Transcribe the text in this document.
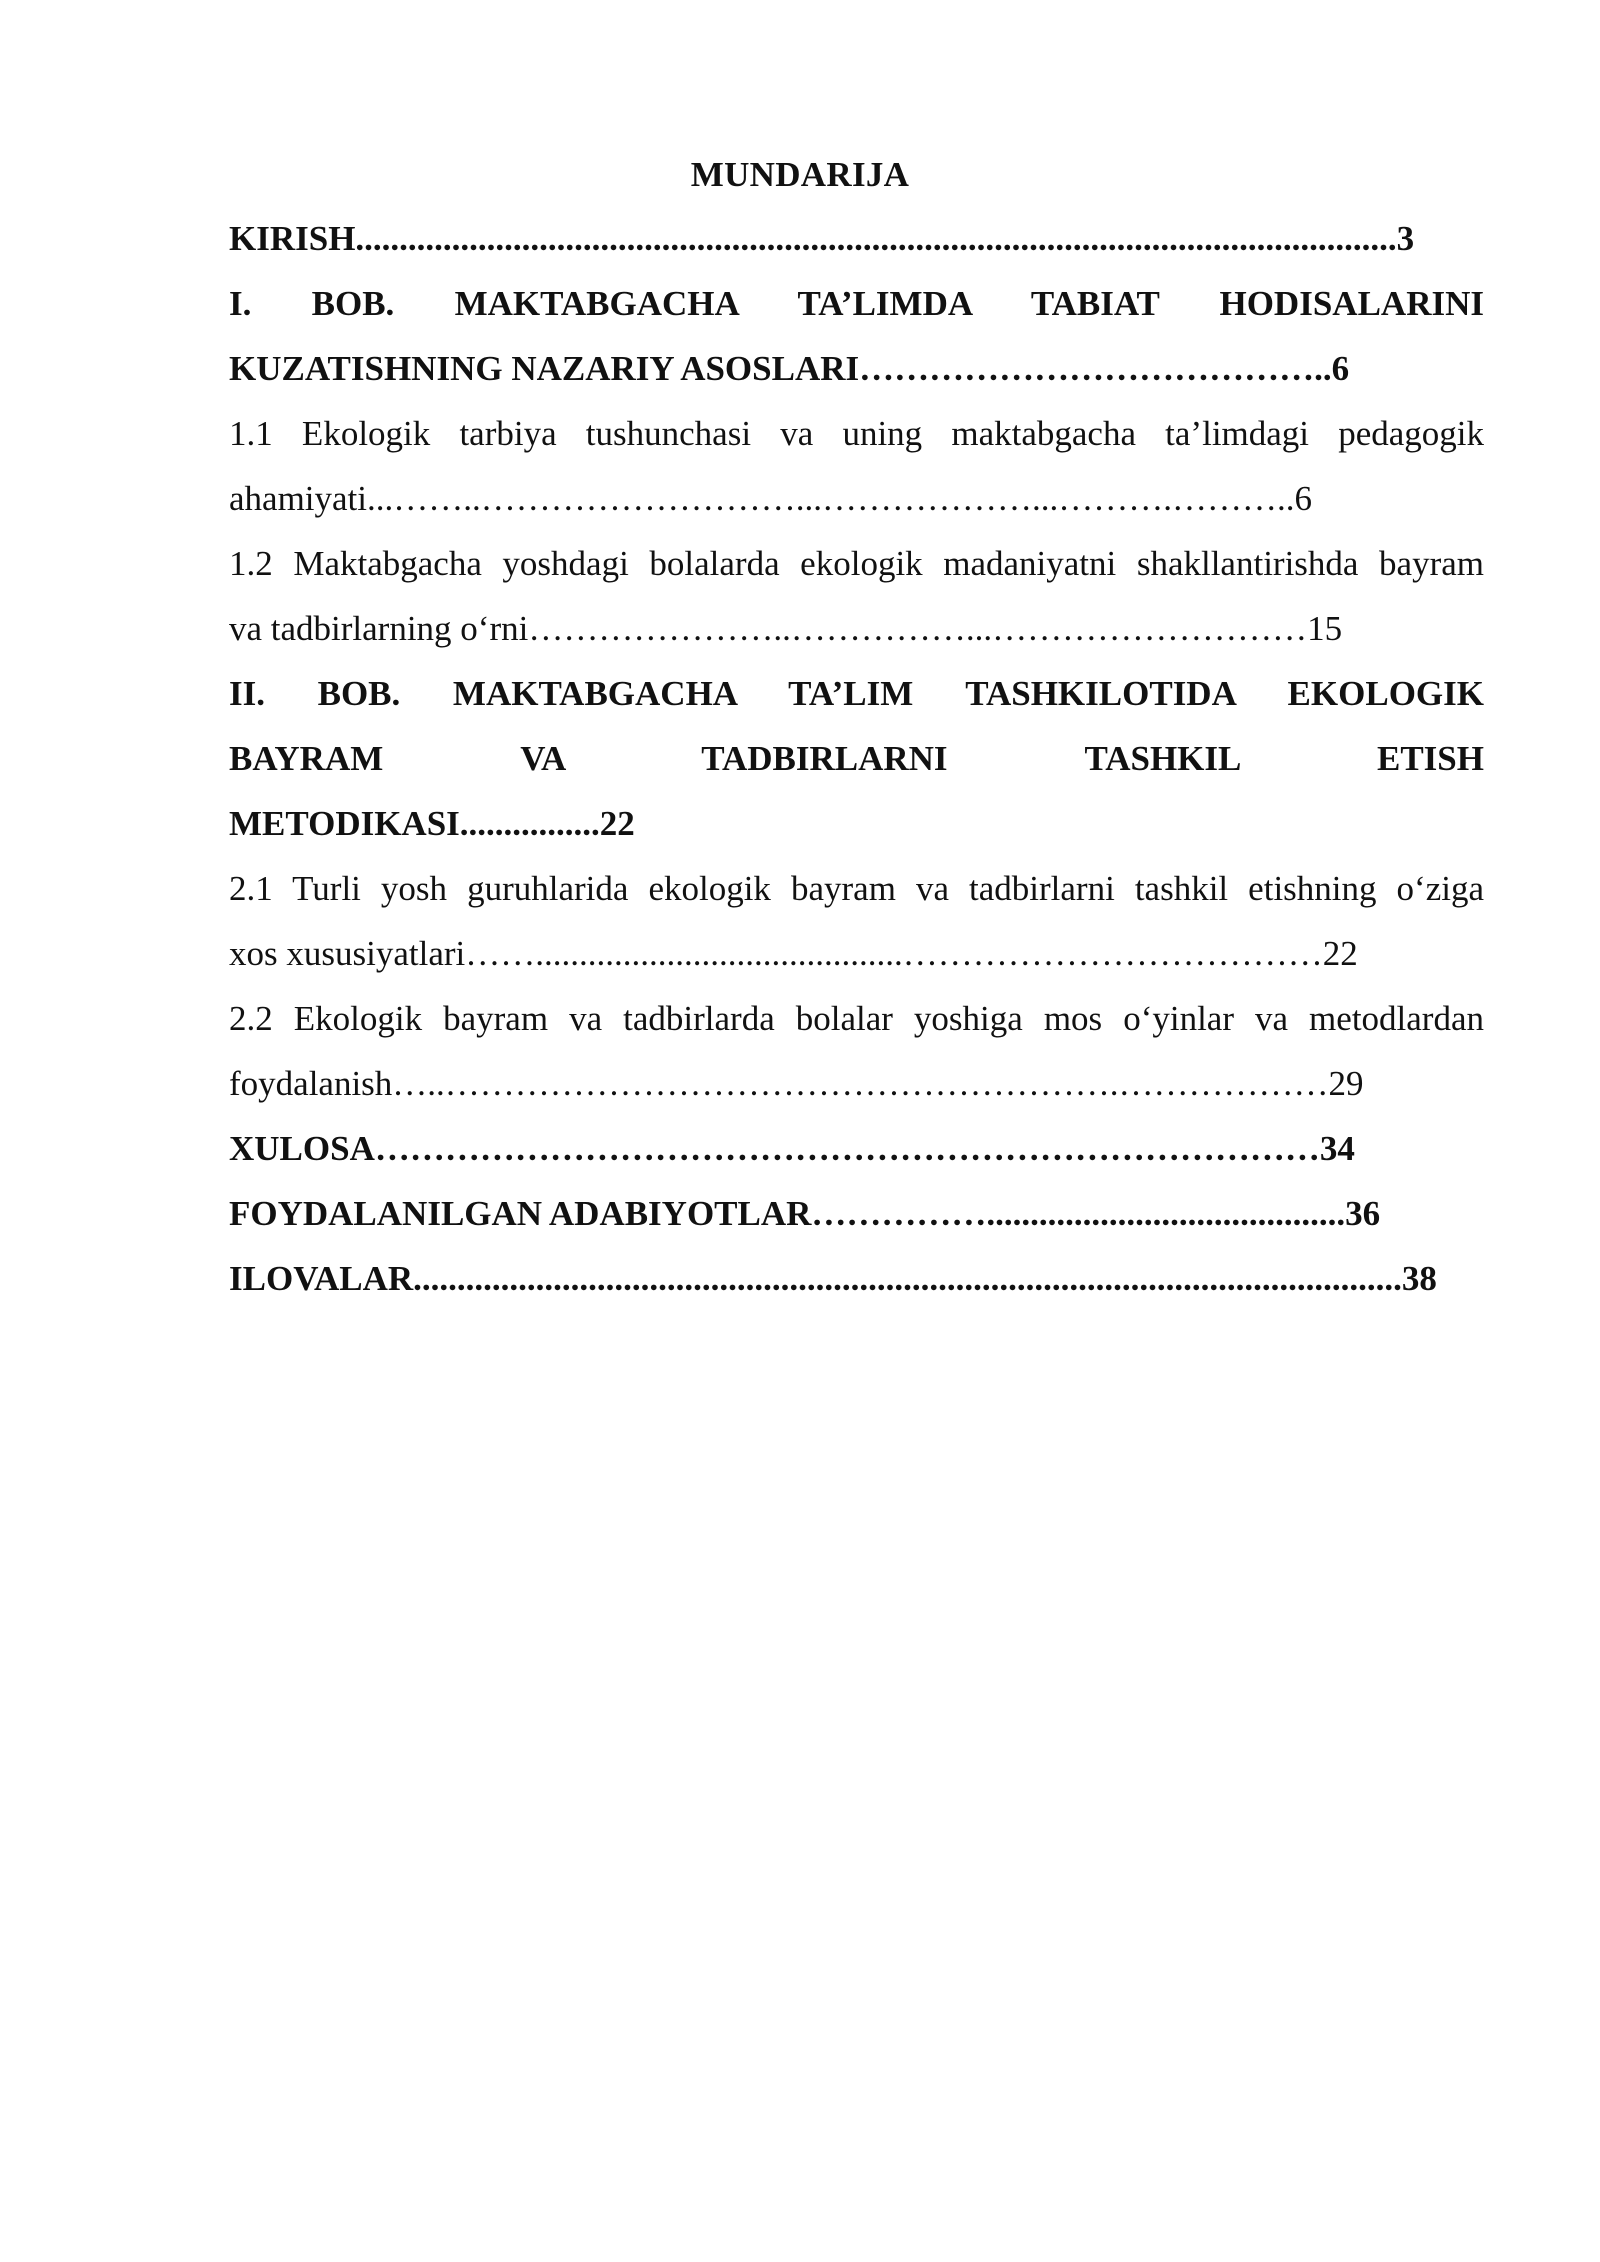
MUNDARIJA
KIRISH.......................................................................................................................3
I. BOB. MAKTABGACHA TA’LIMDA TABIAT HODISALARINI
KUZATISHNING NAZARIY ASOSLARI…………………………………..6
1.1 Ekologik tarbiya tushunchasi va uning maktabgacha ta’limdagi pedagogik
ahamiyati...……..………………………...………………...……….………..6
1.2 Maktabgacha yoshdagi bolalarda ekologik madaniyatni shakllantirishda bayram
va tadbirlarning o‘rni…………………..……………...………………………15
II. BOB. MAKTABGACHA TA’LIM TASHKILOTIDA EKOLOGIK
BAYRAM VA TADBIRLARNI TASHKIL ETISH
METODIKASI................22
2.1 Turli yosh guruhlarida ekologik bayram va tadbirlarni tashkil etishning o‘ziga
xos xususiyatlari……..........................................………………………………22
2.2 Ekologik bayram va tadbirlarda bolalar yoshiga mos o‘yinlar va metodlardan
foydalanish…..………………………………………………….………………29
XULOSA………………………………………………………………………34
FOYDALANILGAN ADABIYOTLAR…………….........................................36
ILOVALAR.................................................................................................................38
